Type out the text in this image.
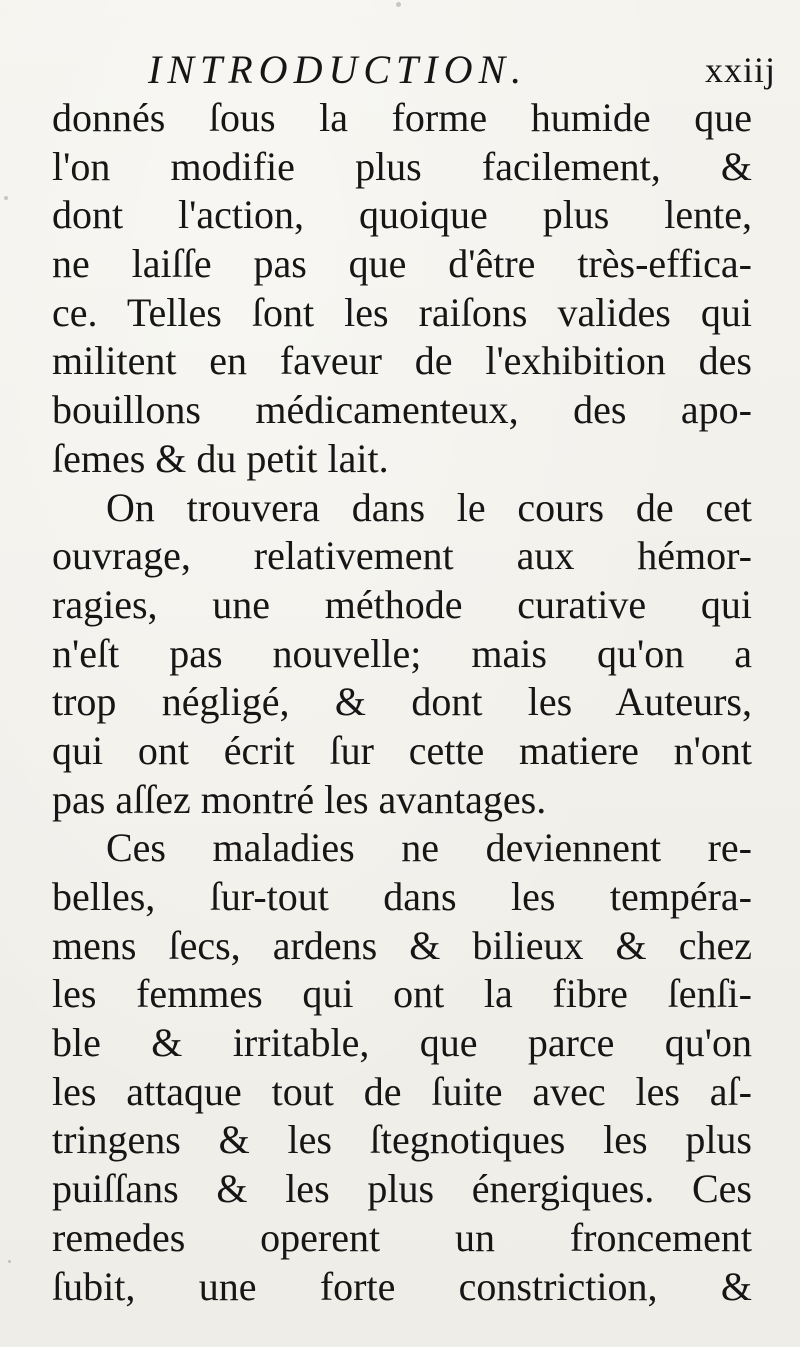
INTRODUCTION.	xxiij
donnés ſous la forme humide que
l'on modifie plus facilement, &
dont l'action, quoique plus lente,
ne laiſſe pas que d'être très-effica-
ce. Telles ſont les raiſons valides qui
militent en faveur de l'exhibition des
bouillons médicamenteux, des apo-
ſemes & du petit lait.
On trouvera dans le cours de cet
ouvrage, relativement aux hémor-
ragies, une méthode curative qui
n'eſt pas nouvelle; mais qu'on a
trop négligé, & dont les Auteurs,
qui ont écrit ſur cette matiere n'ont
pas aſſez montré les avantages.
Ces maladies ne deviennent re-
belles, ſur-tout dans les tempéra-
mens ſecs, ardens & bilieux & chez
les femmes qui ont la fibre ſenſi-
ble & irritable, que parce qu'on
les attaque tout de ſuite avec les aſ-
tringens & les ſtegnotiques les plus
puiſſans & les plus énergiques. Ces
remedes operent un froncement
ſubit, une forte constriction, &
